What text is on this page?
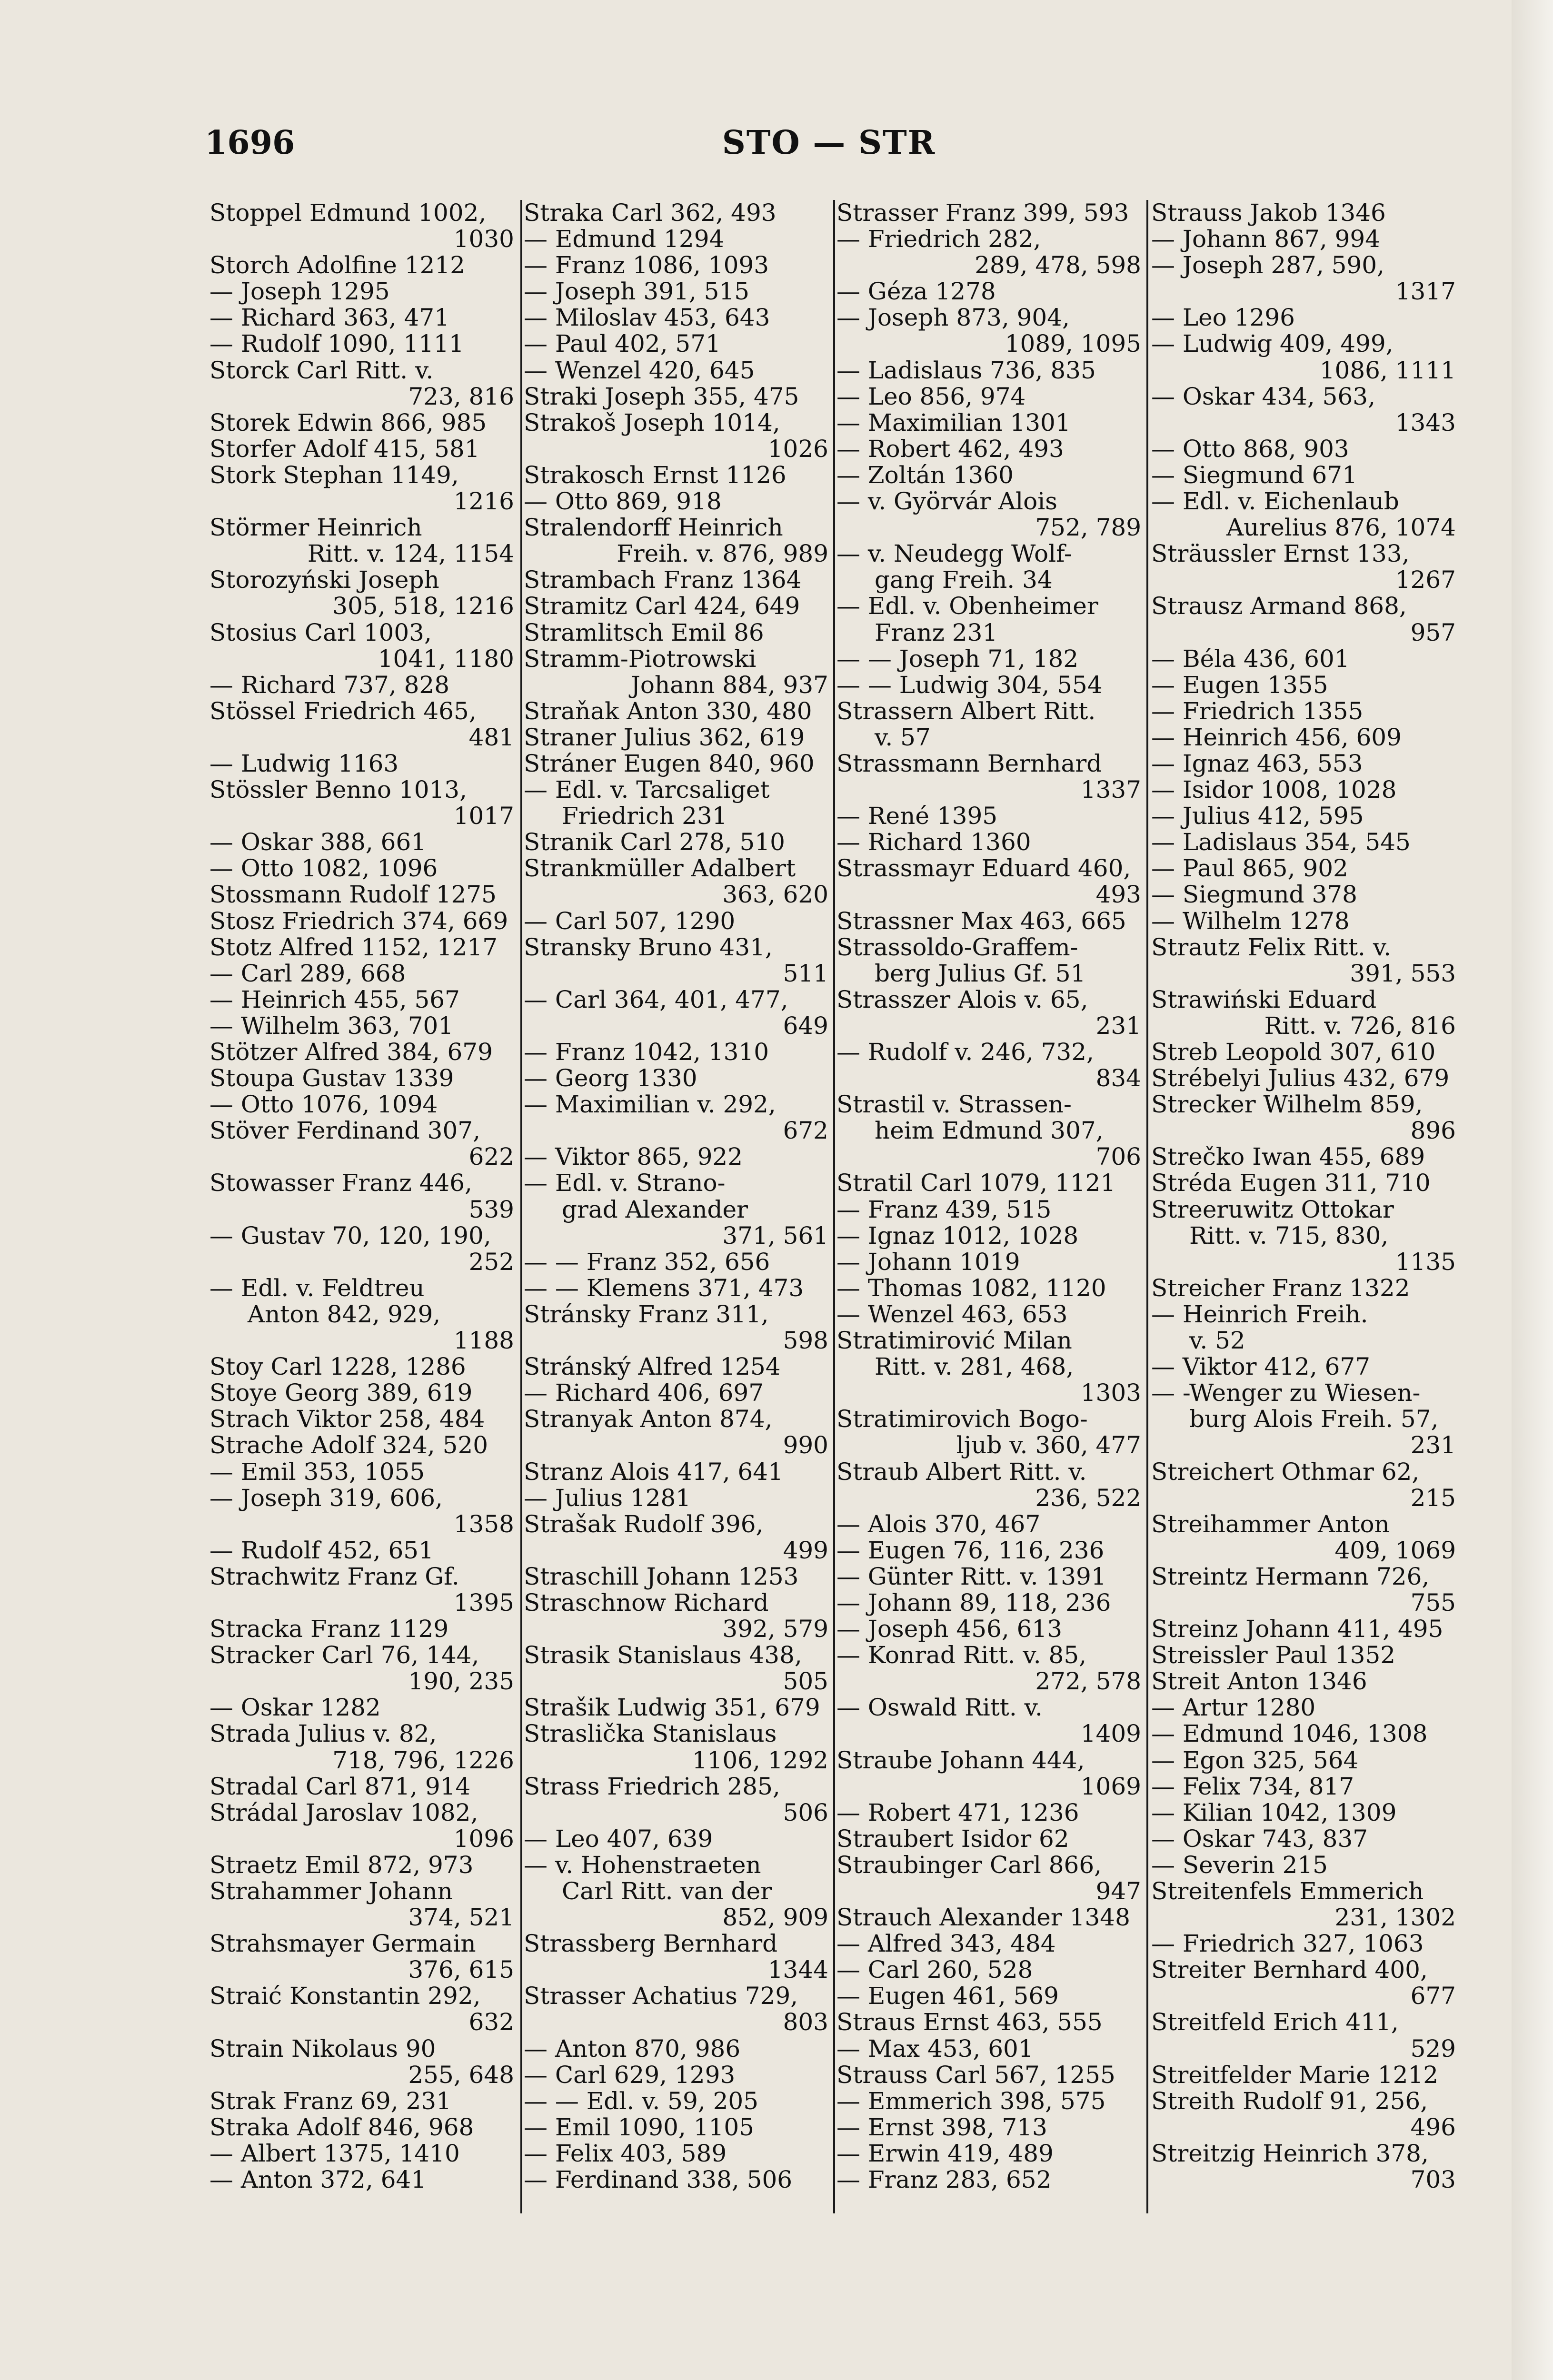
1696	STO — STR
Stoppel Edmund 1002,
1030
Storch Adolfine 1212
— Joseph 1295
— Richard 363, 471
— Rudolf 1090, 1111
Storck Carl Ritt. v.
723, 816
Storek Edwin 866, 985
Storfer Adolf 415, 581
Stork Stephan 1149,
1216
Störmer Heinrich
Ritt. v. 124, 1154
Storozyński Joseph
305, 518, 1216
Stosius Carl 1003,
1041, 1180
— Richard 737, 828
Stössel Friedrich 465,
481
— Ludwig 1163
Stössler Benno 1013,
1017
— Oskar 388, 661
— Otto 1082, 1096
Stossmann Rudolf 1275
Stosz Friedrich 374, 669
Stotz Alfred 1152, 1217
— Carl 289, 668
— Heinrich 455, 567
— Wilhelm 363, 701
Stötzer Alfred 384, 679
Stoupa Gustav 1339
— Otto 1076, 1094
Stöver Ferdinand 307,
622
Stowasser Franz 446,
539
— Gustav 70, 120, 190,
252
— Edl. v. Feldtreu
Anton 842, 929,
1188
Stoy Carl 1228, 1286
Stoye Georg 389, 619
Strach Viktor 258, 484
Strache Adolf 324, 520
— Emil 353, 1055
— Joseph 319, 606,
1358
— Rudolf 452, 651
Strachwitz Franz Gf.
1395
Stracka Franz 1129
Stracker Carl 76, 144,
190, 235
— Oskar 1282
Strada Julius v. 82,
718, 796, 1226
Stradal Carl 871, 914
Strádal Jaroslav 1082,
1096
Straetz Emil 872, 973
Strahammer Johann
374, 521
Strahsmayer Germain
376, 615
Straić Konstantin 292,
632
Strain Nikolaus 90
255, 648
Strak Franz 69, 231
Straka Adolf 846, 968
— Albert 1375, 1410
— Anton 372, 641
Straka Carl 362, 493
— Edmund 1294
— Franz 1086, 1093
— Joseph 391, 515
— Miloslav 453, 643
— Paul 402, 571
— Wenzel 420, 645
Straki Joseph 355, 475
Strakoš Joseph 1014,
1026
Strakosch Ernst 1126
— Otto 869, 918
Stralendorff Heinrich
Freih. v. 876, 989
Strambach Franz 1364
Stramitz Carl 424, 649
Stramlitsch Emil 86
Stramm-Piotrowski
Johann 884, 937
Straňak Anton 330, 480
Straner Julius 362, 619
Stráner Eugen 840, 960
— Edl. v. Tarcsaliget
Friedrich 231
Stranik Carl 278, 510
Strankmüller Adalbert
363, 620
— Carl 507, 1290
Stransky Bruno 431,
511
— Carl 364, 401, 477,
649
— Franz 1042, 1310
— Georg 1330
— Maximilian v. 292,
672
— Viktor 865, 922
— Edl. v. Strano-
grad Alexander
371, 561
— — Franz 352, 656
— — Klemens 371, 473
Stránsky Franz 311,
598
Stránský Alfred 1254
— Richard 406, 697
Stranyak Anton 874,
990
Stranz Alois 417, 641
— Julius 1281
Strašak Rudolf 396,
499
Straschill Johann 1253
Straschnow Richard
392, 579
Strasik Stanislaus 438,
505
Strašik Ludwig 351, 679
Straslička Stanislaus
1106, 1292
Strass Friedrich 285,
506
— Leo 407, 639
— v. Hohenstraeten
Carl Ritt. van der
852, 909
Strassberg Bernhard
1344
Strasser Achatius 729,
803
— Anton 870, 986
— Carl 629, 1293
— — Edl. v. 59, 205
— Emil 1090, 1105
— Felix 403, 589
— Ferdinand 338, 506
Strasser Franz 399, 593
— Friedrich 282,
289, 478, 598
— Géza 1278
— Joseph 873, 904,
1089, 1095
— Ladislaus 736, 835
— Leo 856, 974
— Maximilian 1301
— Robert 462, 493
— Zoltán 1360
— v. Györvár Alois
752, 789
— v. Neudegg Wolf-
gang Freih. 34
— Edl. v. Obenheimer
Franz 231
— — Joseph 71, 182
— — Ludwig 304, 554
Strassern Albert Ritt.
v. 57
Strassmann Bernhard
1337
— René 1395
— Richard 1360
Strassmayr Eduard 460,
493
Strassner Max 463, 665
Strassoldo-Graffem-
berg Julius Gf. 51
Strasszer Alois v. 65,
231
— Rudolf v. 246, 732,
834
Strastil v. Strassen-
heim Edmund 307,
706
Stratil Carl 1079, 1121
— Franz 439, 515
— Ignaz 1012, 1028
— Johann 1019
— Thomas 1082, 1120
— Wenzel 463, 653
Stratimirović Milan
Ritt. v. 281, 468,
1303
Stratimirovich Bogo-
ljub v. 360, 477
Straub Albert Ritt. v.
236, 522
— Alois 370, 467
— Eugen 76, 116, 236
— Günter Ritt. v. 1391
— Johann 89, 118, 236
— Joseph 456, 613
— Konrad Ritt. v. 85,
272, 578
— Oswald Ritt. v.
1409
Straube Johann 444,
1069
— Robert 471, 1236
Straubert Isidor 62
Straubinger Carl 866,
947
Strauch Alexander 1348
— Alfred 343, 484
— Carl 260, 528
— Eugen 461, 569
Straus Ernst 463, 555
— Max 453, 601
Strauss Carl 567, 1255
— Emmerich 398, 575
— Ernst 398, 713
— Erwin 419, 489
— Franz 283, 652
Strauss Jakob 1346
— Johann 867, 994
— Joseph 287, 590,
1317
— Leo 1296
— Ludwig 409, 499,
1086, 1111
— Oskar 434, 563,
1343
— Otto 868, 903
— Siegmund 671
— Edl. v. Eichenlaub
Aurelius 876, 1074
Sträussler Ernst 133,
1267
Strausz Armand 868,
957
— Béla 436, 601
— Eugen 1355
— Friedrich 1355
— Heinrich 456, 609
— Ignaz 463, 553
— Isidor 1008, 1028
— Julius 412, 595
— Ladislaus 354, 545
— Paul 865, 902
— Siegmund 378
— Wilhelm 1278
Strautz Felix Ritt. v.
391, 553
Strawiński Eduard
Ritt. v. 726, 816
Streb Leopold 307, 610
Strébelyi Julius 432, 679
Strecker Wilhelm 859,
896
Strečko Iwan 455, 689
Stréda Eugen 311, 710
Streeruwitz Ottokar
Ritt. v. 715, 830,
1135
Streicher Franz 1322
— Heinrich Freih.
v. 52
— Viktor 412, 677
— -Wenger zu Wiesen-
burg Alois Freih. 57,
231
Streichert Othmar 62,
215
Streihammer Anton
409, 1069
Streintz Hermann 726,
755
Streinz Johann 411, 495
Streissler Paul 1352
Streit Anton 1346
— Artur 1280
— Edmund 1046, 1308
— Egon 325, 564
— Felix 734, 817
— Kilian 1042, 1309
— Oskar 743, 837
— Severin 215
Streitenfels Emmerich
231, 1302
— Friedrich 327, 1063
Streiter Bernhard 400,
677
Streitfeld Erich 411,
529
Streitfelder Marie 1212
Streith Rudolf 91, 256,
496
Streitzig Heinrich 378,
703
